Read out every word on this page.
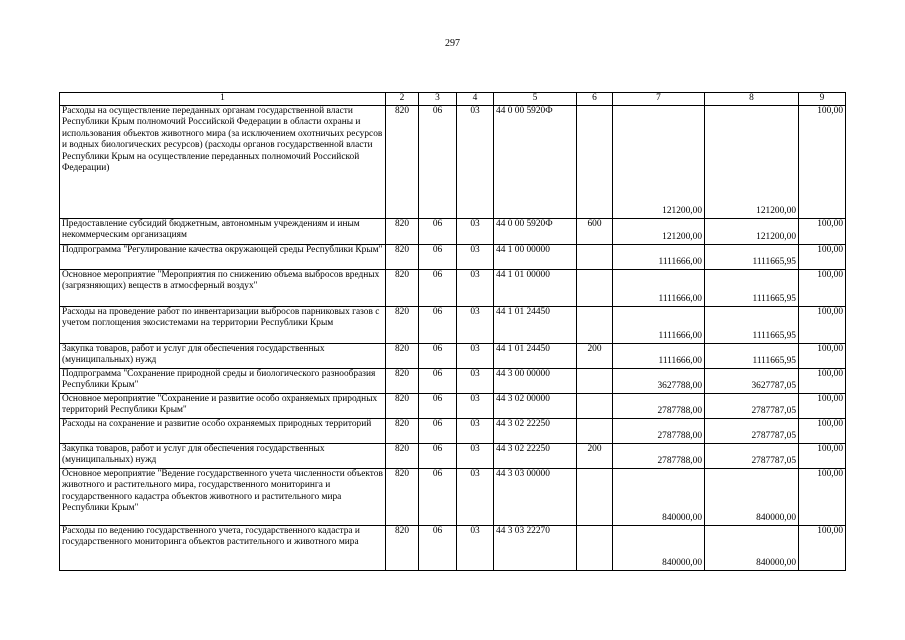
297
1	2	3	4	5	6	7	8	9
Расходы на осуществление переданных органам государственной власти Республики Крым полномочий Российской Федерации в области охраны и использования объектов животного мира (за исключением охотничьих ресурсов и водных биологических ресурсов) (расходы органов государственной власти Республики Крым на осуществление переданных полномочий Российской Федерации)	820	06	03	44 0 00 5920Ф		121200,00	121200,00	100,00
Предоставление субсидий бюджетным, автономным учреждениям и иным некоммерческим организациям	820	06	03	44 0 00 5920Ф	600	121200,00	121200,00	100,00
Подпрограмма "Регулирование качества окружающей среды Республики Крым"	820	06	03	44 1 00 00000		1111666,00	1111665,95	100,00
Основное мероприятие "Мероприятия по снижению объема выбросов вредных (загрязняющих) веществ в атмосферный воздух"	820	06	03	44 1 01 00000		1111666,00	1111665,95	100,00
Расходы на проведение работ по инвентаризации выбросов парниковых газов с учетом поглощения экосистемами на территории Республики Крым	820	06	03	44 1 01 24450		1111666,00	1111665,95	100,00
Закупка товаров, работ и услуг для обеспечения государственных (муниципальных) нужд	820	06	03	44 1 01 24450	200	1111666,00	1111665,95	100,00
Подпрограмма "Сохранение природной среды и биологического разнообразия Республики Крым"	820	06	03	44 3 00 00000		3627788,00	3627787,05	100,00
Основное мероприятие "Сохранение и развитие особо охраняемых природных территорий Республики Крым"	820	06	03	44 3 02 00000		2787788,00	2787787,05	100,00
Расходы на сохранение и развитие особо охраняемых природных территорий	820	06	03	44 3 02 22250		2787788,00	2787787,05	100,00
Закупка товаров, работ и услуг для обеспечения государственных (муниципальных) нужд	820	06	03	44 3 02 22250	200	2787788,00	2787787,05	100,00
Основное мероприятие "Ведение государственного учета численности объектов животного и растительного мира, государственного мониторинга и государственного кадастра объектов животного и растительного мира Республики Крым"	820	06	03	44 3 03 00000		840000,00	840000,00	100,00
Расходы по ведению государственного учета, государственного кадастра и государственного мониторинга объектов растительного и животного мира	820	06	03	44 3 03 22270		840000,00	840000,00	100,00
